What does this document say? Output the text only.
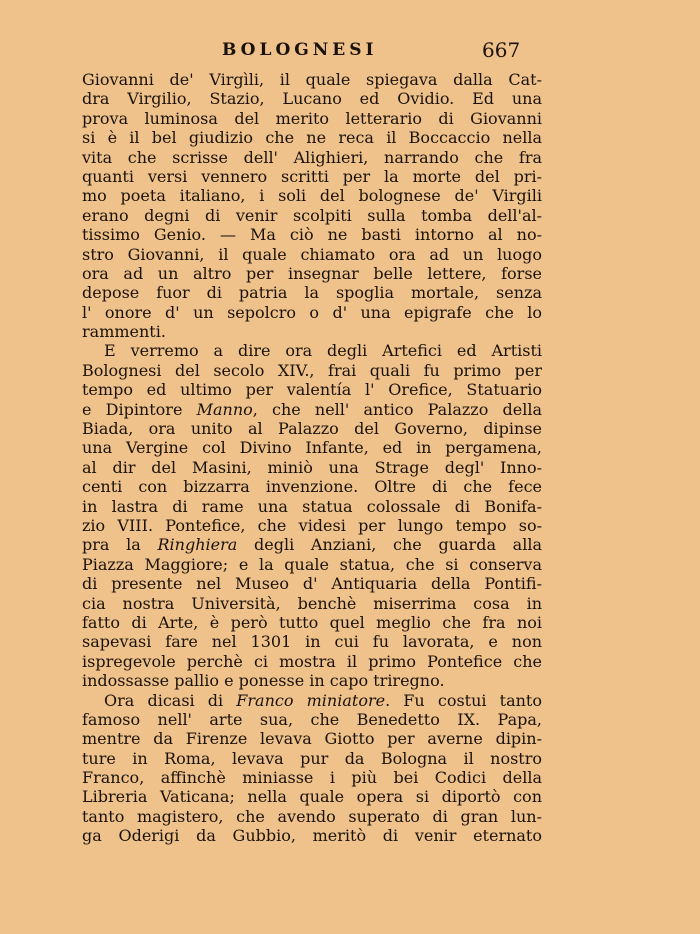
BOLOGNESI	667
Giovanni de' Virgìli, il quale spiegava dalla Cat-
dra Virgilio, Stazio, Lucano ed Ovidio. Ed una
prova luminosa del merito letterario di Giovanni
si è il bel giudizio che ne reca il Boccaccio nella
vita che scrisse dell' Alighieri, narrando che fra
quanti versi vennero scritti per la morte del pri-
mo poeta italiano, i soli del bolognese de' Virgili
erano degni di venir scolpiti sulla tomba dell'al-
tissimo Genio. — Ma ciò ne basti intorno al no-
stro Giovanni, il quale chiamato ora ad un luogo
ora ad un altro per insegnar belle lettere, forse
depose fuor di patria la spoglia mortale, senza
l' onore d' un sepolcro o d' una epigrafe che lo
rammenti.
E verremo a dire ora degli Artefici ed Artisti
Bolognesi del secolo XIV., frai quali fu primo per
tempo ed ultimo per valentía l' Orefice, Statuario
e Dipintore Manno, che nell' antico Palazzo della
Biada, ora unito al Palazzo del Governo, dipinse
una Vergine col Divino Infante, ed in pergamena,
al dir del Masini, miniò una Strage degl' Inno-
centi con bizzarra invenzione. Oltre di che fece
in lastra di rame una statua colossale di Bonifa-
zio VIII. Pontefice, che videsi per lungo tempo so-
pra la Ringhiera degli Anziani, che guarda alla
Piazza Maggiore; e la quale statua, che si conserva
di presente nel Museo d' Antiquaria della Pontifi-
cia nostra Università, benchè miserrima cosa in
fatto di Arte, è però tutto quel meglio che fra noi
sapevasi fare nel 1301 in cui fu lavorata, e non
ispregevole perchè ci mostra il primo Pontefice che
indossasse pallio e ponesse in capo triregno.
Ora dicasi di Franco miniatore. Fu costui tanto
famoso nell' arte sua, che Benedetto IX. Papa,
mentre da Firenze levava Giotto per averne dipin-
ture in Roma, levava pur da Bologna il nostro
Franco, affinchè miniasse i più bei Codici della
Libreria Vaticana; nella quale opera si diportò con
tanto magistero, che avendo superato di gran lun-
ga Oderigi da Gubbio, meritò di venir eternato
